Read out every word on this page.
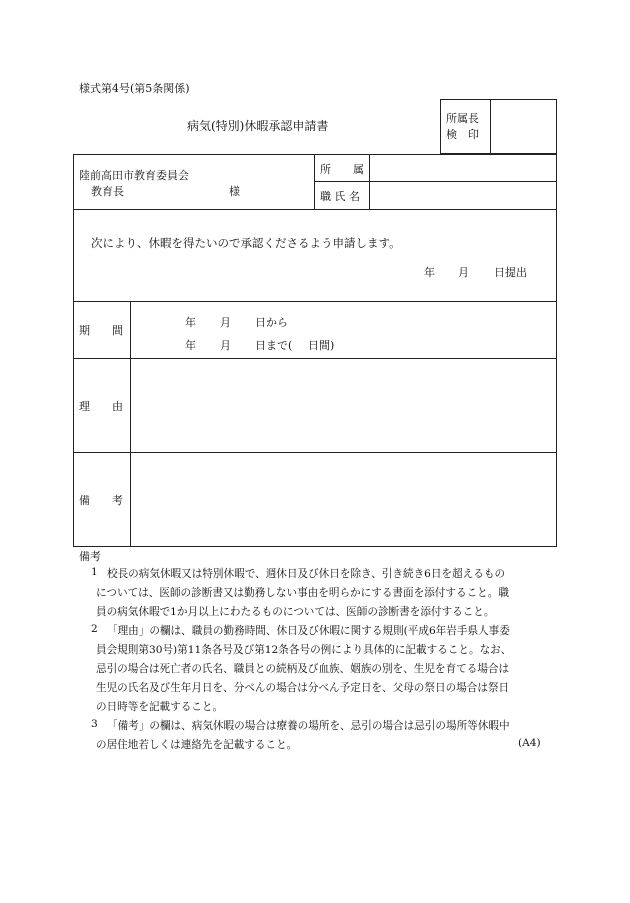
様式第4号(第5条関係)
病気(特別)休暇承認申請書
所属長
検　印
陸前高田市教育委員会
教育長	様
所　　属
職 氏 名
次により、休暇を得たいので承認くださるよう申請します。
年 月 日提出
期　　間
年 月 日から
年 月 日まで( 日間)
理　　由
備　　考
備考
1 校長の病気休暇又は特別休暇で、週休日及び休日を除き、引き続き6日を超えるもの
については、医師の診断書又は勤務しない事由を明らかにする書面を添付すること。職
員の病気休暇で1か月以上にわたるものについては、医師の診断書を添付すること。
2 「理由」の欄は、職員の勤務時間、休日及び休暇に関する規則(平成6年岩手県人事委
員会規則第30号)第11条各号及び第12条各号の例により具体的に記載すること。なお、
忌引の場合は死亡者の氏名、職員との続柄及び血族、姻族の別を、生児を育てる場合は
生児の氏名及び生年月日を、分べんの場合は分べん予定日を、父母の祭日の場合は祭日
の日時等を記載すること。
3 「備考」の欄は、病気休暇の場合は療養の場所を、忌引の場合は忌引の場所等休暇中
の居住地若しくは連絡先を記載すること。	(A4)
